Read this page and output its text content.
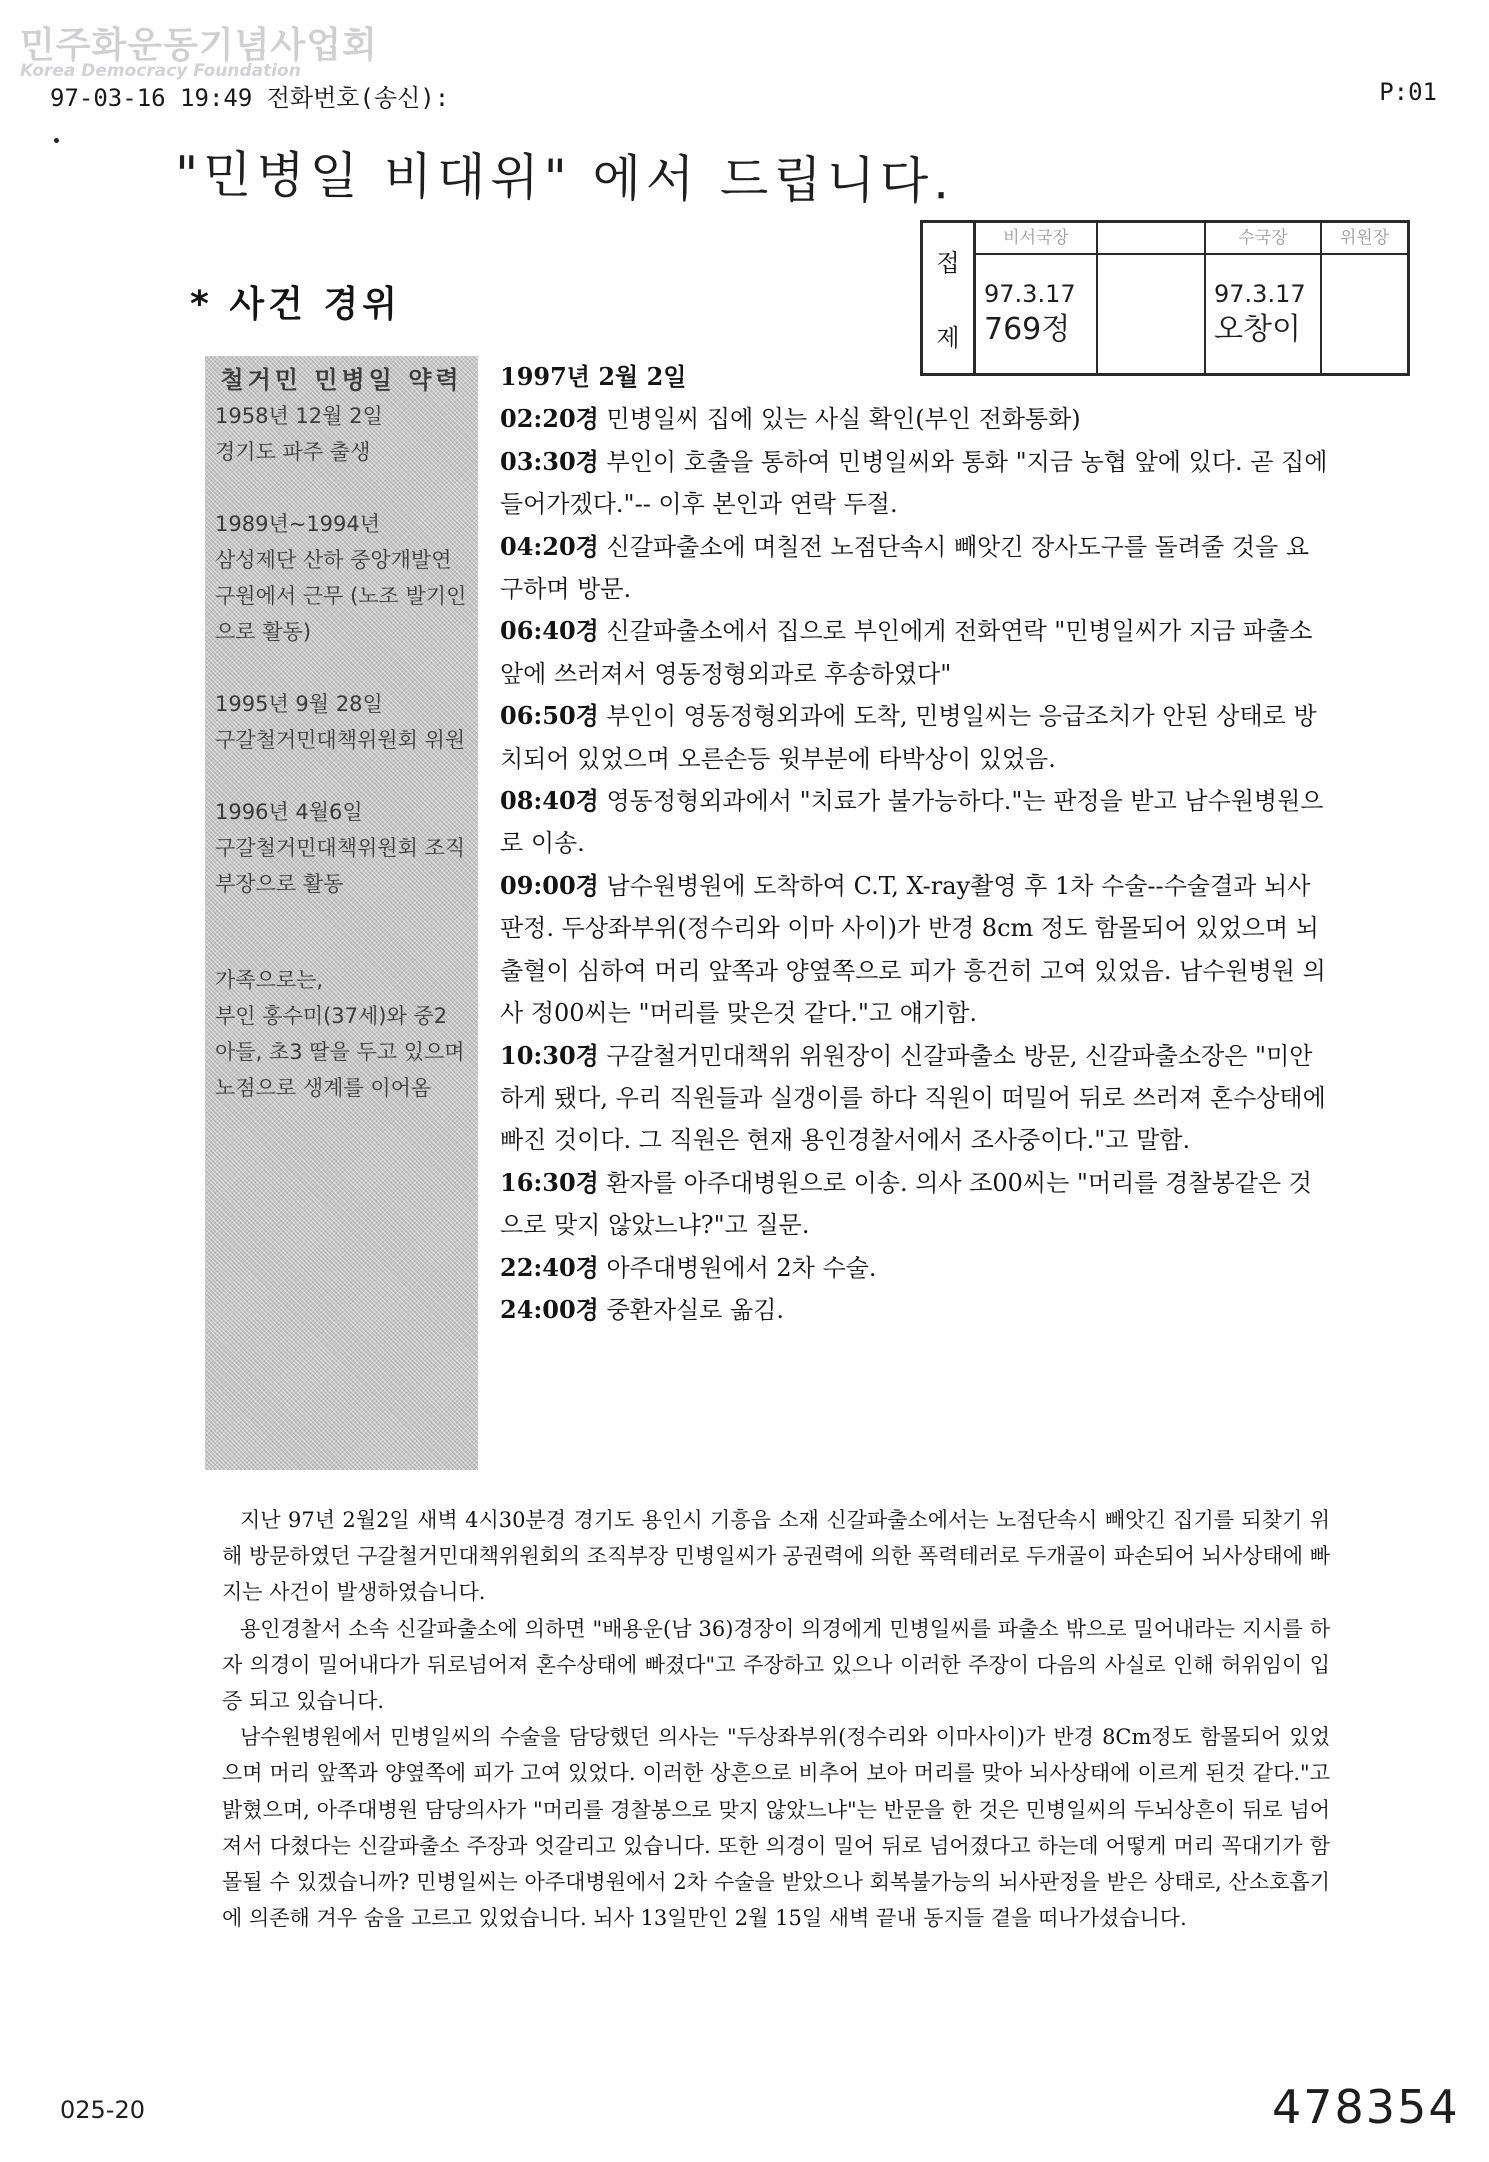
민주화운동기념사업회
Korea Democracy Foundation
97-03-16 19:49 전화번호(송신):	P:01
"민병일 비대위" 에서 드립니다.
접
제
비서국장
97.3.17
769정
수국장
97.3.17
오창이
위원장
* 사건 경위
철거민 민병일 약력
1958년 12월 2일
경기도 파주 출생
1989년~1994년
삼성제단 산하 중앙개발연구원에서 근무 (노조 발기인으로 활동)
1995년 9월 28일
구갈철거민대책위원회 위원
1996년 4월6일
구갈철거민대책위원회 조직부장으로 활동
가족으로는,
부인 홍수미(37세)와 중2 아들, 초3 딸을 두고 있으며 노점으로 생계를 이어옴
1997년 2월 2일
02:20경 민병일씨 집에 있는 사실 확인(부인 전화통화)
03:30경 부인이 호출을 통하여 민병일씨와 통화 "지금 농협 앞에 있다. 곧 집에 들어가겠다."-- 이후 본인과 연락 두절.
04:20경 신갈파출소에 며칠전 노점단속시 빼앗긴 장사도구를 돌려줄 것을 요구하며 방문.
06:40경 신갈파출소에서 집으로 부인에게 전화연락 "민병일씨가 지금 파출소앞에 쓰러져서 영동정형외과로 후송하였다"
06:50경 부인이 영동정형외과에 도착, 민병일씨는 응급조치가 안된 상태로 방치되어 있었으며 오른손등 윗부분에 타박상이 있었음.
08:40경 영동정형외과에서 "치료가 불가능하다."는 판정을 받고 남수원병원으로 이송.
09:00경 남수원병원에 도착하여 C.T, X-ray촬영 후 1차 수술--수술결과 뇌사 판정. 두상좌부위(정수리와 이마 사이)가 반경 8cm 정도 함몰되어 있었으며 뇌출혈이 심하여 머리 앞쪽과 양옆쪽으로 피가 흥건히 고여 있었음. 남수원병원 의사 정00씨는 "머리를 맞은것 같다."고 얘기함.
10:30경 구갈철거민대책위 위원장이 신갈파출소 방문, 신갈파출소장은 "미안하게 됐다, 우리 직원들과 실갱이를 하다 직원이 떠밀어 뒤로 쓰러져 혼수상태에 빠진 것이다. 그 직원은 현재 용인경찰서에서 조사중이다."고 말함.
16:30경 환자를 아주대병원으로 이송. 의사 조00씨는 "머리를 경찰봉같은 것으로 맞지 않았느냐?"고 질문.
22:40경 아주대병원에서 2차 수술.
24:00경 중환자실로 옮김.

지난 97년 2월2일 새벽 4시30분경 경기도 용인시 기흥읍 소재 신갈파출소에서는 노점단속시 빼앗긴 집기를 되찾기 위해 방문하였던 구갈철거민대책위원회의 조직부장 민병일씨가 공권력에 의한 폭력테러로 두개골이 파손되어 뇌사상태에 빠지는 사건이 발생하였습니다.

용인경찰서 소속 신갈파출소에 의하면 "배용운(남 36)경장이 의경에게 민병일씨를 파출소 밖으로 밀어내라는 지시를 하자 의경이 밀어내다가 뒤로넘어져 혼수상태에 빠졌다"고 주장하고 있으나 이러한 주장이 다음의 사실로 인해 허위임이 입증 되고 있습니다.

남수원병원에서 민병일씨의 수술을 담당했던 의사는 "두상좌부위(정수리와 이마사이)가 반경 8Cm정도 함몰되어 있었으며 머리 앞쪽과 양옆쪽에 피가 고여 있었다. 이러한 상흔으로 비추어 보아 머리를 맞아 뇌사상태에 이르게 된것 같다."고 밝혔으며, 아주대병원 담당의사가 "머리를 경찰봉으로 맞지 않았느냐"는 반문을 한 것은 민병일씨의 두뇌상흔이 뒤로 넘어져서 다쳤다는 신갈파출소 주장과 엇갈리고 있습니다. 또한 의경이 밀어 뒤로 넘어졌다고 하는데 어떻게 머리 꼭대기가 함몰될 수 있겠습니까? 민병일씨는 아주대병원에서 2차 수술을 받았으나 회복불가능의 뇌사판정을 받은 상태로, 산소호흡기에 의존해 겨우 숨을 고르고 있었습니다. 뇌사 13일만인 2월 15일 새벽 끝내 동지들 곁을 떠나가셨습니다.

025-20	478354
